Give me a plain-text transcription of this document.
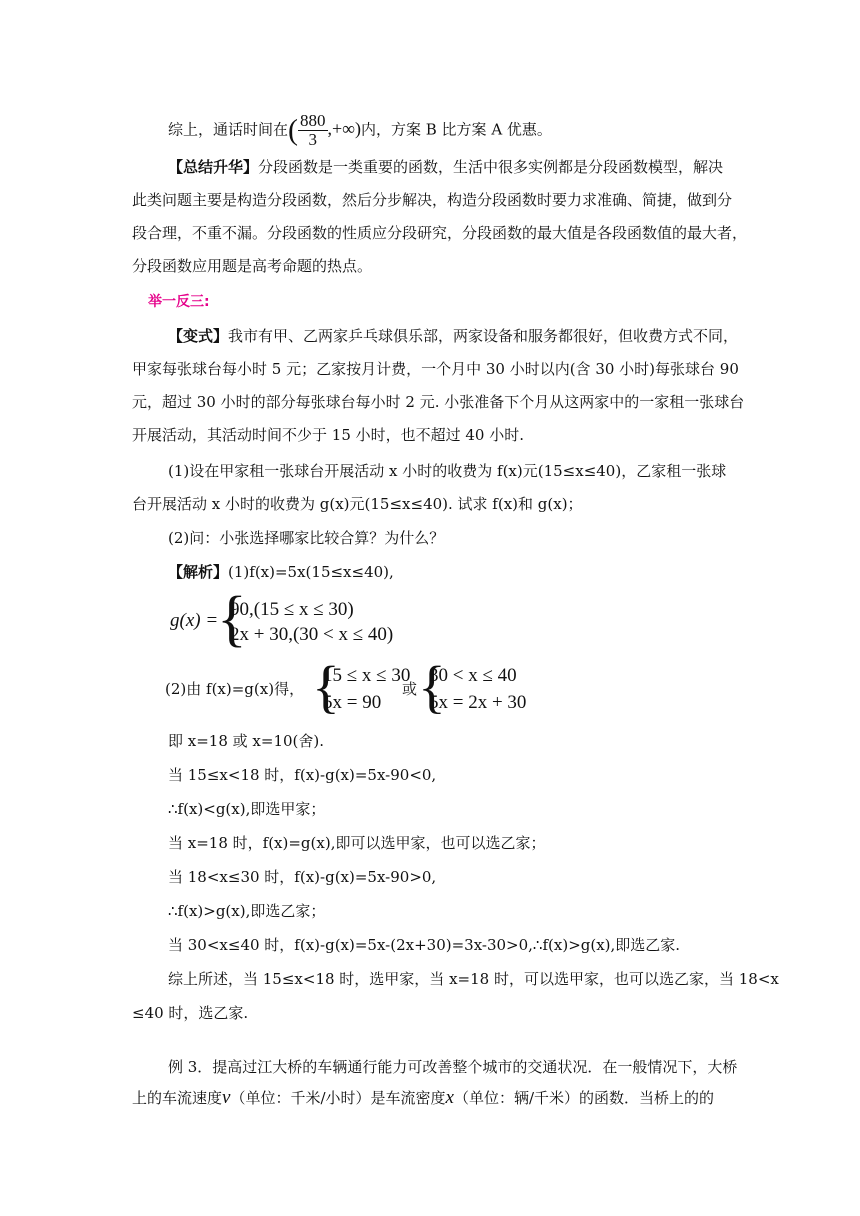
综上，通话时间在( $\frac{880}{3}$ ,+∞)内，方案 B 比方案 A 优惠。
【总结升华】分段函数是一类重要的函数，生活中很多实例都是分段函数模型，解决
此类问题主要是构造分段函数，然后分步解决，构造分段函数时要力求准确、简捷，做到分
段合理，不重不漏。分段函数的性质应分段研究，分段函数的最大值是各段函数值的最大者，
分段函数应用题是高考命题的热点。
举一反三:
【变式】我市有甲、乙两家乒乓球俱乐部，两家设备和服务都很好，但收费方式不同，
甲家每张球台每小时 5 元；乙家按月计费，一个月中 30 小时以内(含 30 小时)每张球台 90
元，超过 30 小时的部分每张球台每小时 2 元. 小张准备下个月从这两家中的一家租一张球台
开展活动，其活动时间不少于 15 小时，也不超过 40 小时.
(1)设在甲家租一张球台开展活动 x 小时的收费为 f(x)元(15≤x≤40)，乙家租一张球
台开展活动 x 小时的收费为 g(x)元(15≤x≤40). 试求 f(x)和 g(x)；
(2)问：小张选择哪家比较合算？为什么？
【解析】(1)f(x)=5x(15≤x≤40),
g(x) =
{
90,(15 ≤ x ≤ 30)
2x + 30,(30 < x ≤ 40)
(2)由 f(x)=g(x)得， {
15 ≤ x ≤ 30
5x = 90
或 {
30 < x ≤ 40
5x = 2x + 30
即 x=18 或 x=10(舍).
当 15≤x<18 时，f(x)-g(x)=5x-90<0,
∴f(x)<g(x),即选甲家；
当 x=18 时，f(x)=g(x),即可以选甲家，也可以选乙家；
当 18<x≤30 时，f(x)-g(x)=5x-90>0,
∴f(x)>g(x),即选乙家；
当 30<x≤40 时，f(x)-g(x)=5x-(2x+30)=3x-30>0,∴f(x)>g(x),即选乙家.
综上所述，当 15≤x<18 时，选甲家，当 x=18 时，可以选甲家，也可以选乙家，当 18<x
≤40 时，选乙家.
例 3．提高过江大桥的车辆通行能力可改善整个城市的交通状况．在一般情况下，大桥
上的车流速度v（单位：千米/小时）是车流密度x（单位：辆/千米）的函数．当桥上的的
